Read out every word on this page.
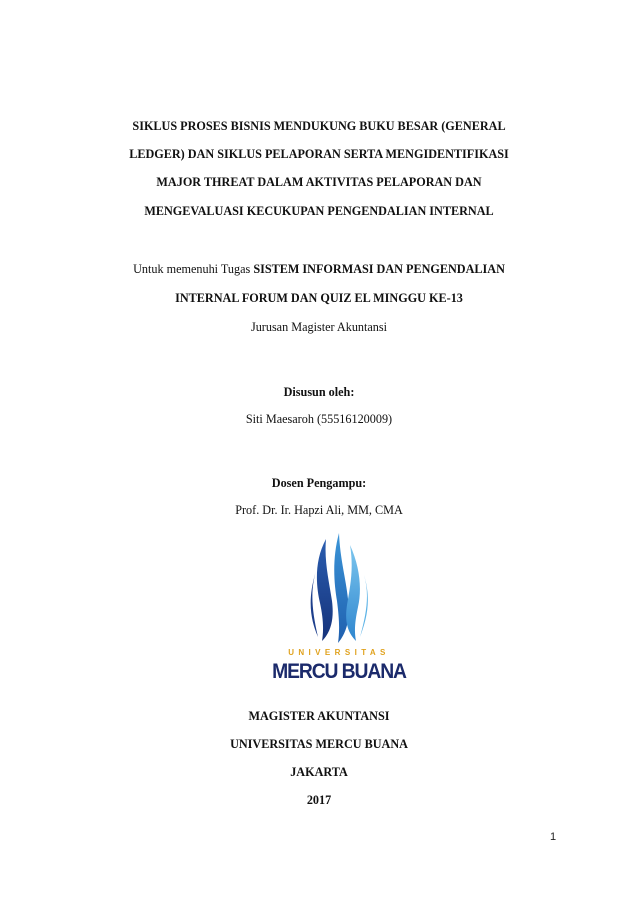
SIKLUS PROSES BISNIS MENDUKUNG BUKU BESAR (GENERAL
LEDGER) DAN SIKLUS PELAPORAN SERTA MENGIDENTIFIKASI
MAJOR THREAT DALAM AKTIVITAS PELAPORAN DAN
MENGEVALUASI KECUKUPAN PENGENDALIAN INTERNAL
Untuk memenuhi Tugas SISTEM INFORMASI DAN PENGENDALIAN
INTERNAL FORUM DAN QUIZ EL MINGGU KE-13
Jurusan Magister Akuntansi
Disusun oleh:
Siti Maesaroh (55516120009)
Dosen Pengampu:
Prof. Dr. Ir. Hapzi Ali, MM, CMA
UNIVERSITAS
MERCU BUANA
MAGISTER AKUNTANSI
UNIVERSITAS MERCU BUANA
JAKARTA
2017
1
